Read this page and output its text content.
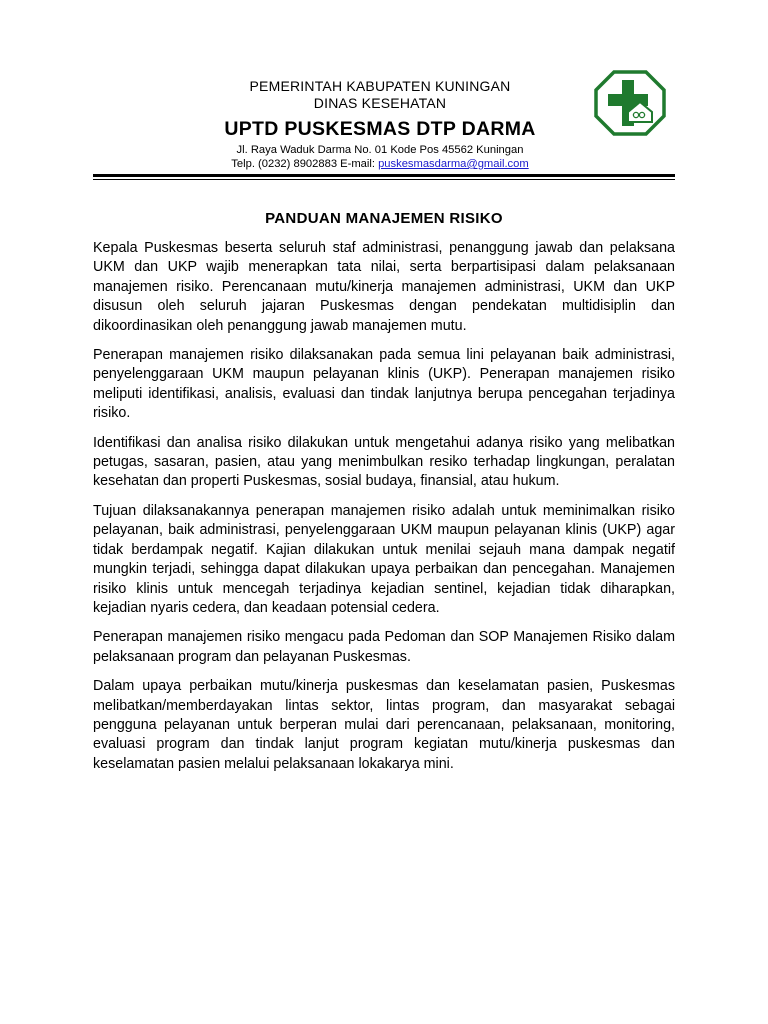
PEMERINTAH KABUPATEN KUNINGAN
DINAS KESEHATAN
UPTD PUSKESMAS DTP DARMA
Jl. Raya Waduk Darma No. 01 Kode Pos 45562 Kuningan
Telp. (0232) 8902883 E-mail: puskesmasdarma@gmail.com
PANDUAN MANAJEMEN RISIKO

Kepala Puskesmas beserta seluruh staf administrasi, penanggung jawab dan pelaksana UKM dan UKP wajib menerapkan tata nilai, serta berpartisipasi dalam pelaksanaan manajemen risiko. Perencanaan mutu/kinerja manajemen administrasi, UKM dan UKP disusun oleh seluruh jajaran Puskesmas dengan pendekatan multidisiplin dan dikoordinasikan oleh penanggung jawab manajemen mutu.

Penerapan manajemen risiko dilaksanakan pada semua lini pelayanan baik administrasi, penyelenggaraan UKM maupun pelayanan klinis (UKP). Penerapan manajemen risiko meliputi identifikasi, analisis, evaluasi dan tindak lanjutnya berupa pencegahan terjadinya risiko.

Identifikasi dan analisa risiko dilakukan untuk mengetahui adanya risiko yang melibatkan petugas, sasaran, pasien, atau yang menimbulkan resiko terhadap lingkungan, peralatan kesehatan dan properti Puskesmas, sosial budaya, finansial, atau hukum.

Tujuan dilaksanakannya penerapan manajemen risiko adalah untuk meminimalkan risiko pelayanan, baik administrasi, penyelenggaraan UKM maupun pelayanan klinis (UKP) agar tidak berdampak negatif. Kajian dilakukan untuk menilai sejauh mana dampak negatif mungkin terjadi, sehingga dapat dilakukan upaya perbaikan dan pencegahan. Manajemen risiko klinis untuk mencegah terjadinya kejadian sentinel, kejadian tidak diharapkan, kejadian nyaris cedera, dan keadaan potensial cedera.

Penerapan manajemen risiko mengacu pada Pedoman dan SOP Manajemen Risiko dalam pelaksanaan program dan pelayanan Puskesmas.

Dalam upaya perbaikan mutu/kinerja puskesmas dan keselamatan pasien, Puskesmas melibatkan/memberdayakan lintas sektor, lintas program, dan masyarakat sebagai pengguna pelayanan untuk berperan mulai dari perencanaan, pelaksanaan, monitoring, evaluasi program dan tindak lanjut program kegiatan mutu/kinerja puskesmas dan keselamatan pasien melalui pelaksanaan lokakarya mini.
